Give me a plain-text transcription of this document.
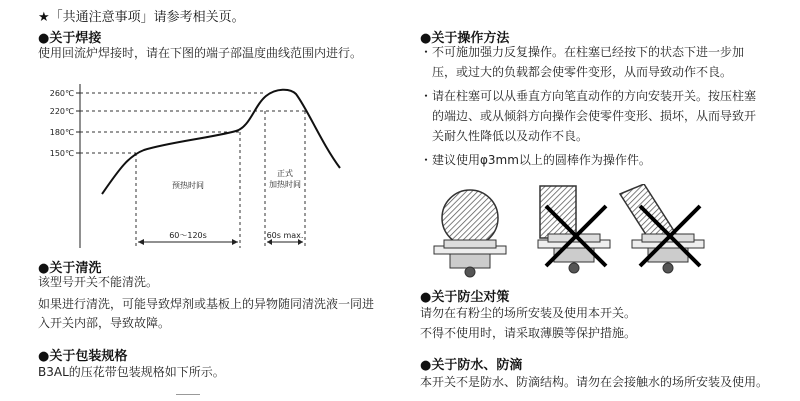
★「共通注意事项」请参考相关页。
●关于焊接
使用回流炉焊接时，请在下图的端子部温度曲线范围内进行。
260℃
220℃
180℃
150℃
预热时间
正式
加热时间
60～120s	60s max.
●关于清洗
该型号开关不能清洗。
如果进行清洗，可能导致焊剂或基板上的异物随同清洗液一同进
入开关内部，导致故障。
●关于包装规格
B3AL的压花带包装规格如下所示。
●关于操作方法
・不可施加强力反复操作。在柱塞已经按下的状态下进一步加
压，或过大的负载都会使零件变形，从而导致动作不良。
・请在柱塞可以从垂直方向笔直动作的方向安装开关。按压柱塞
的端边、或从倾斜方向操作会使零件变形、损坏，从而导致开
关耐久性降低以及动作不良。
・建议使用φ3mm以上的圆棒作为操作件。
●关于防尘对策
请勿在有粉尘的场所安装及使用本开关。
不得不使用时，请采取薄膜等保护措施。
●关于防水、防滴
本开关不是防水、防滴结构。请勿在会接触水的场所安装及使用。
